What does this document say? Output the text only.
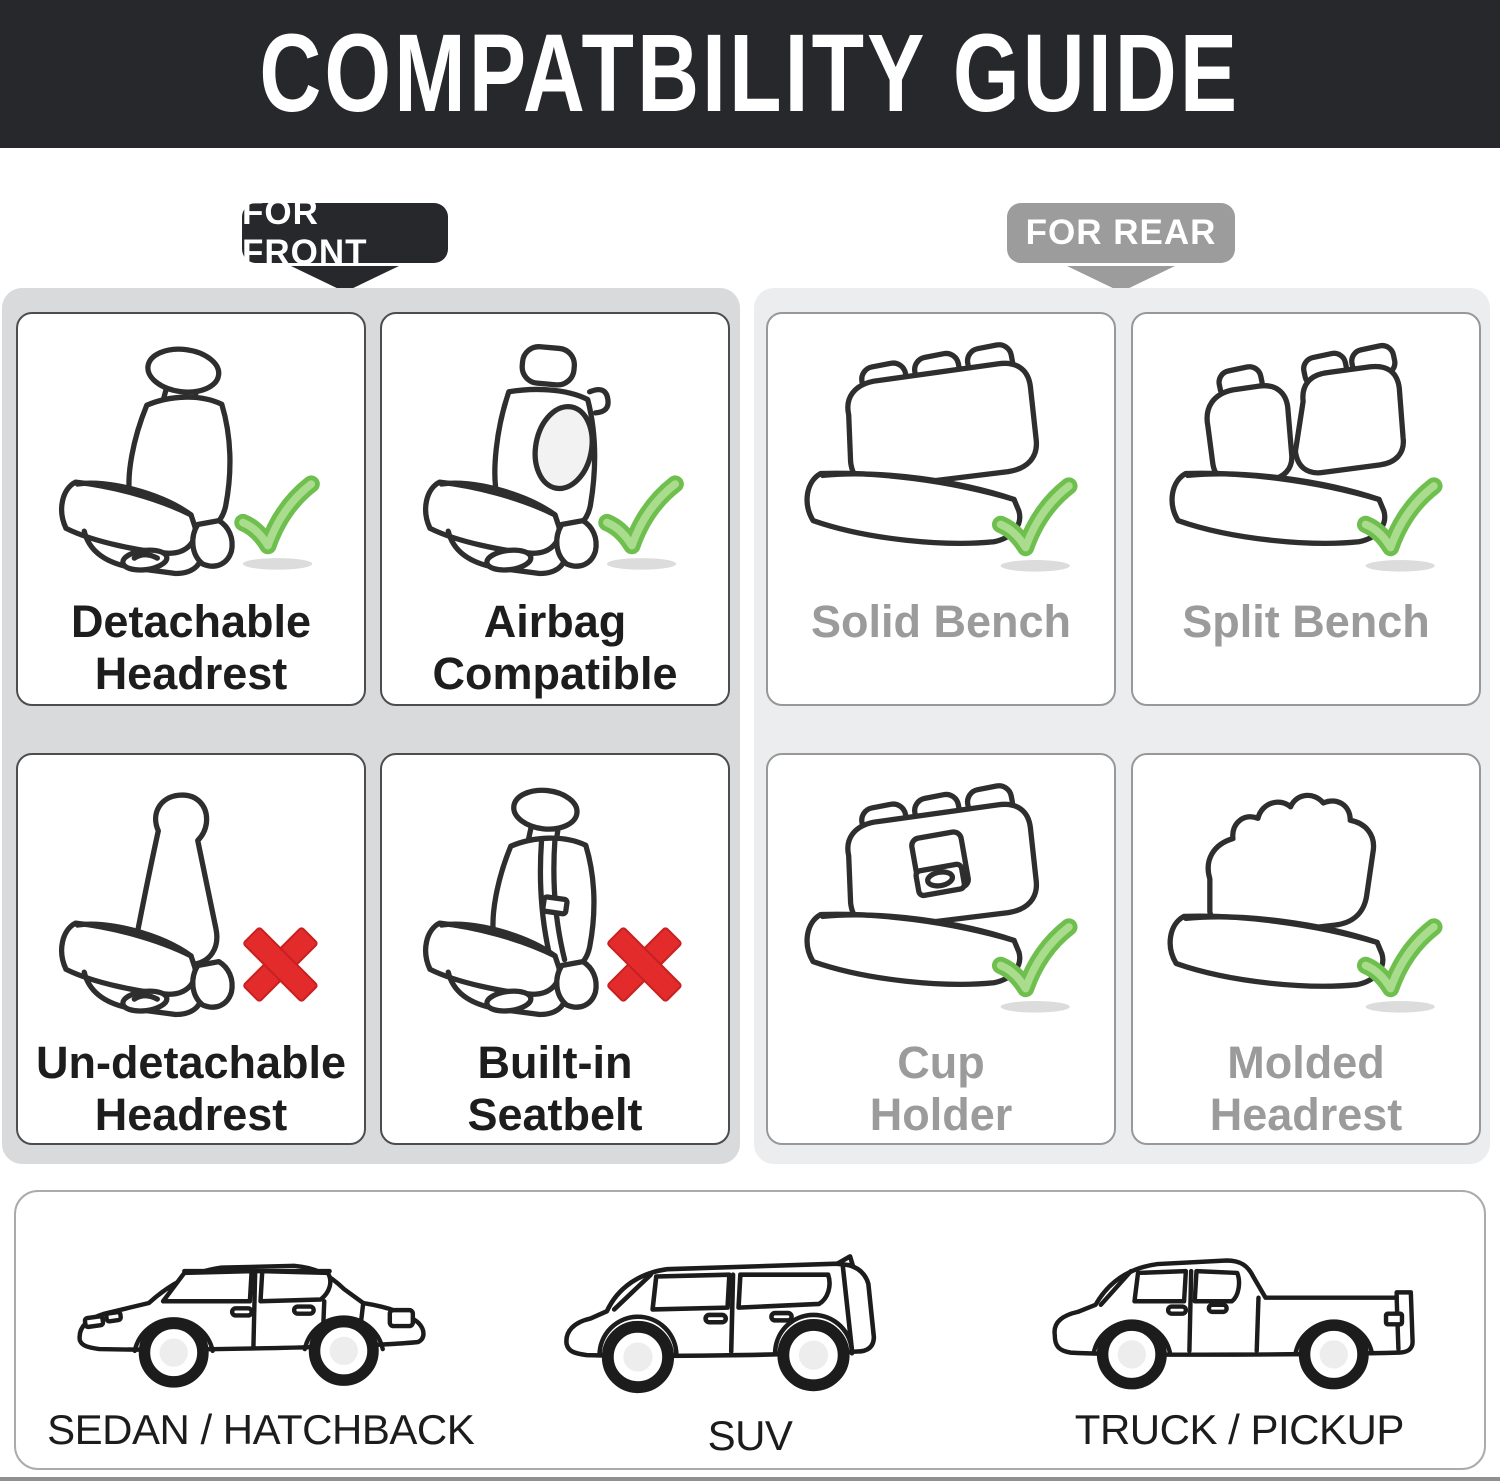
COMPATBILITY GUIDE
FOR FRONT
FOR REAR
Detachable
Headrest
Airbag
Compatible
Un-detachable
Headrest
Built-in
Seatbelt
Solid Bench Split Bench
Cup
Holder
Molded
Headrest
SEDAN / HATCHBACK	SUV	TRUCK / PICKUP
